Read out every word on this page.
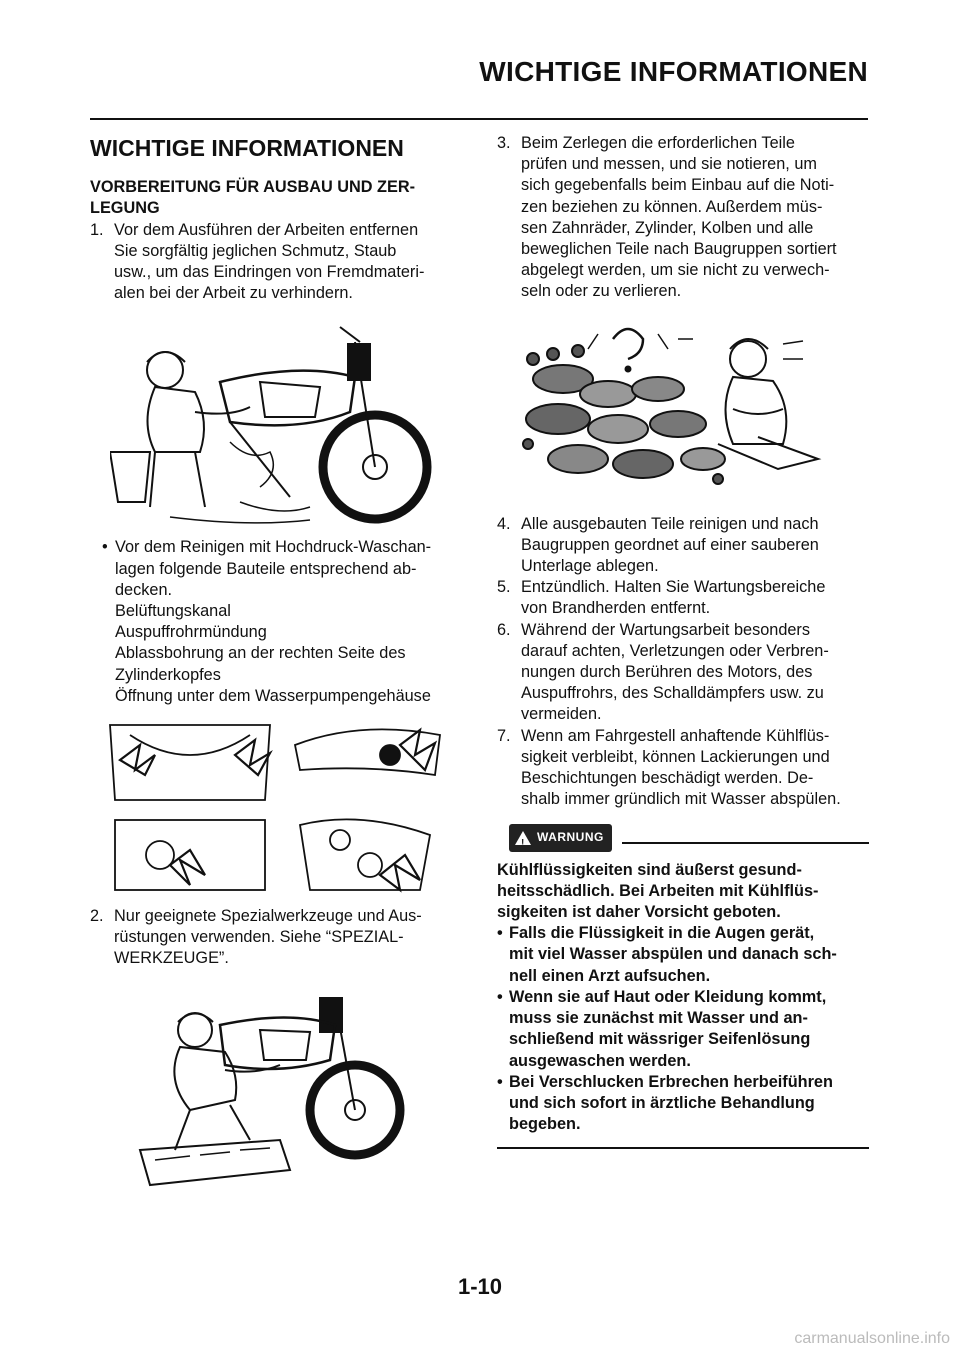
WICHTIGE INFORMATIONEN
WICHTIGE INFORMATIONEN
VORBEREITUNG FÜR AUSBAU UND ZER-
LEGUNG
1. Vor dem Ausführen der Arbeiten entfernen
Sie sorgfältig jeglichen Schmutz, Staub
usw., um das Eindringen von Fremdmateri-
alen bei der Arbeit zu verhindern.
• Vor dem Reinigen mit Hochdruck-Waschan-
lagen folgende Bauteile entsprechend ab-
decken.
Belüftungskanal
Auspuffrohrmündung
Ablassbohrung an der rechten Seite des
Zylinderkopfes
Öffnung unter dem Wasserpumpengehäuse
2. Nur geeignete Spezialwerkzeuge und Aus-
rüstungen verwenden. Siehe “SPEZIAL-
WERKZEUGE”.
3. Beim Zerlegen die erforderlichen Teile
prüfen und messen, und sie notieren, um
sich gegebenfalls beim Einbau auf die Noti-
zen beziehen zu können. Außerdem müs-
sen Zahnräder, Zylinder, Kolben und alle
beweglichen Teile nach Baugruppen sortiert
abgelegt werden, um sie nicht zu verwech-
seln oder zu verlieren.
4. Alle ausgebauten Teile reinigen und nach
Baugruppen geordnet auf einer sauberen
Unterlage ablegen.
5. Entzündlich. Halten Sie Wartungsbereiche
von Brandherden entfernt.
6. Während der Wartungsarbeit besonders
darauf achten, Verletzungen oder Verbren-
nungen durch Berühren des Motors, des
Auspuffrohrs, des Schalldämpfers usw. zu
vermeiden.
7. Wenn am Fahrgestell anhaftende Kühlflüs-
sigkeit verbleibt, können Lackierungen und
Beschichtungen beschädigt werden. De-
shalb immer gründlich mit Wasser abspülen.
! WARNUNG
Kühlflüssigkeiten sind äußerst gesund-
heitsschädlich. Bei Arbeiten mit Kühlflüs-
sigkeiten ist daher Vorsicht geboten.
• Falls die Flüssigkeit in die Augen gerät,
mit viel Wasser abspülen und danach sch-
nell einen Arzt aufsuchen.
• Wenn sie auf Haut oder Kleidung kommt,
muss sie zunächst mit Wasser und an-
schließend mit wässriger Seifenlösung
ausgewaschen werden.
• Bei Verschlucken Erbrechen herbeiführen
und sich sofort in ärztliche Behandlung
begeben.
1-10
carmanualsonline.info
